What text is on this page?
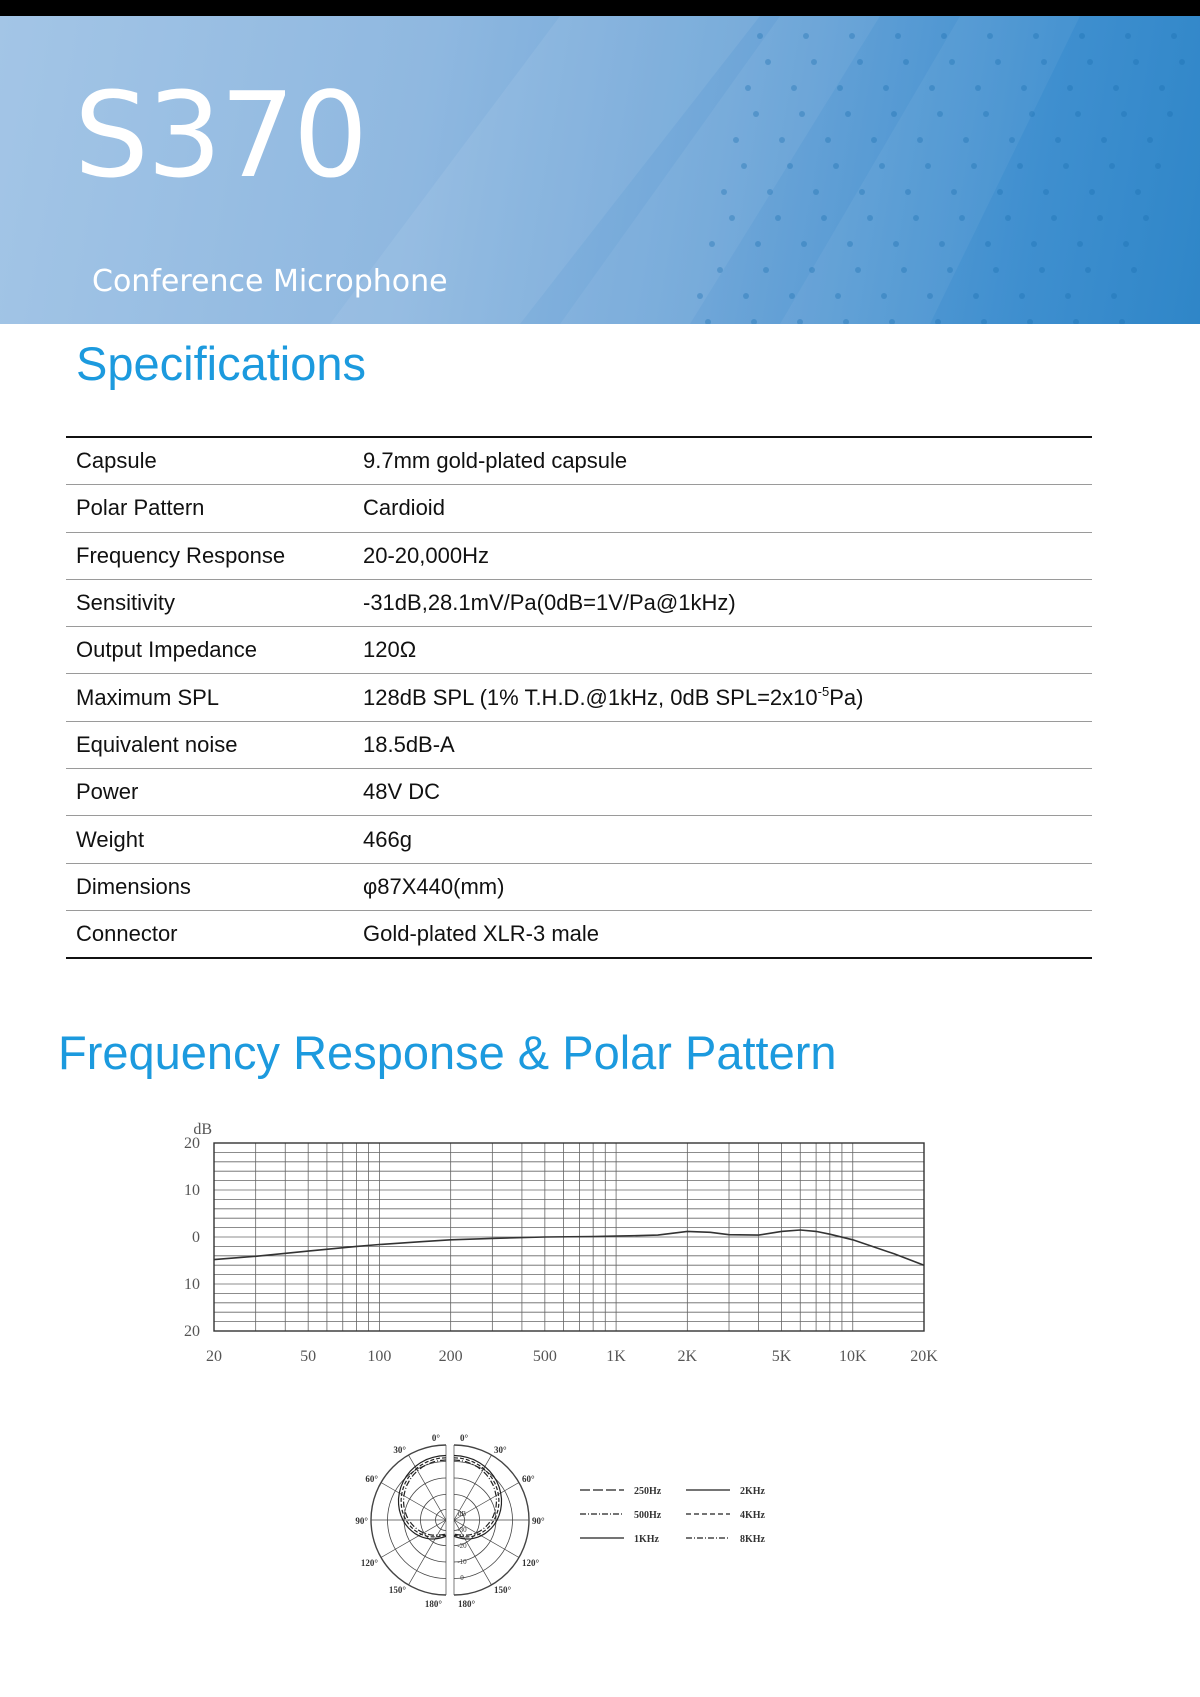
S370

Conference Microphone

Specifications
Capsule	9.7mm gold-plated capsule
Polar Pattern	Cardioid
Frequency Response	20-20,000Hz
Sensitivity	-31dB,28.1mV/Pa(0dB=1V/Pa@1kHz)
Output Impedance	120Ω
Maximum SPL	128dB SPL (1% T.H.D.@1kHz, 0dB $SPL=2x10^{-5}Pa$)
Equivalent noise	18.5dB-A
Power	48V DC
Weight	466g
Dimensions	φ87X440(mm)
Connector	Gold-plated XLR-3 male
Frequency Response & Polar Pattern
20
10
0
10
20
dB
20	50	100	200	500	1K	2K	5K	10K	20K
0° 0°
30°	30°
60°	60°
90°	90°
120°	120°
150°	150°
180° 180°
dB
-30
-20
-10
0
250Hz	2KHz
500Hz	4KHz
1KHz	8KHz
